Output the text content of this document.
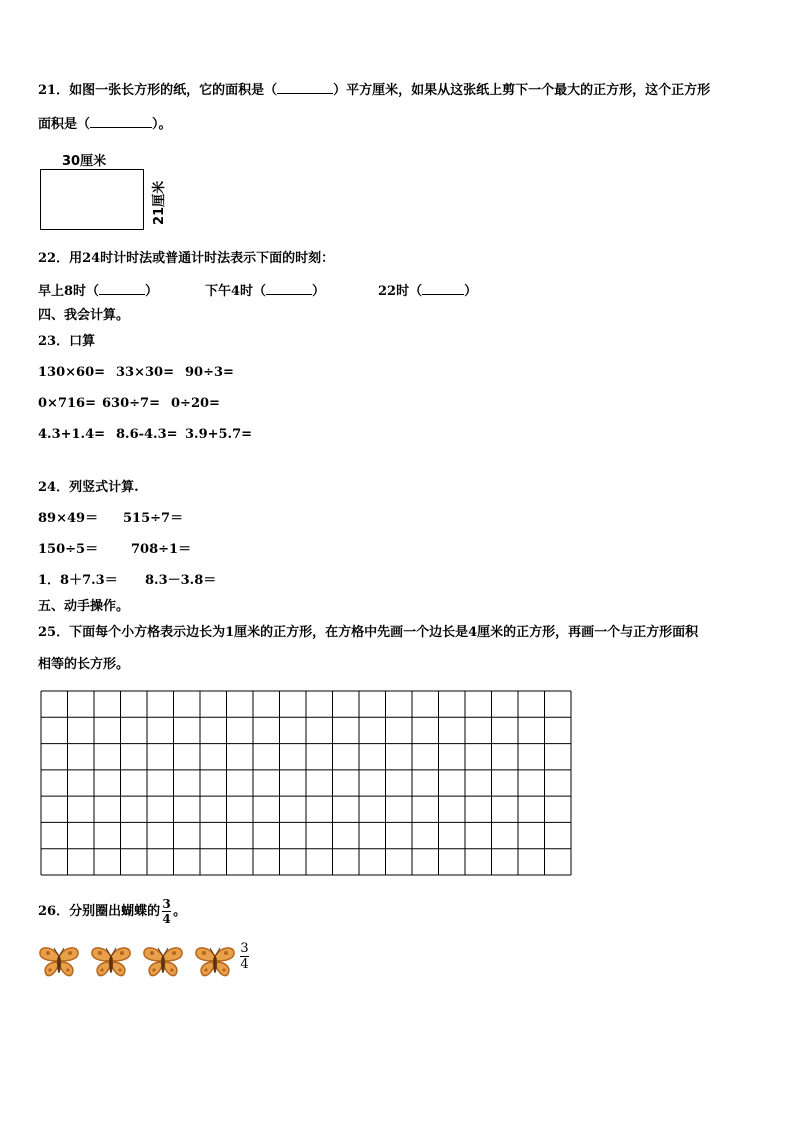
21．如图一张长方形的纸，它的面积是（	）平方厘米，如果从这张纸上剪下一个最大的正方形，这个正方形
面积是（	）。
30厘米
21厘米
22．用24时计时法或普通计时法表示下面的时刻：
早上8时（	）	下午4时（	）	22时（	）
四、我会计算。
23．口算
130×60= 33×30= 90÷3=
0×716= 630÷7= 0÷20=
4.3+1.4= 8.6-4.3= 3.9+5.7=
24．列竖式计算.
89×49＝ 515÷7＝
150÷5＝	708÷1＝
1．8＋7.3＝ 8.3－3.8＝
五、动手操作。
25．下面每个小方格表示边长为1厘米的正方形，在方格中先画一个边长是4厘米的正方形，再画一个与正方形面积
相等的长方形。
26．分别圈出蝴蝶的 $\frac{3}{4}$ 。
$\frac{3}{4}$
